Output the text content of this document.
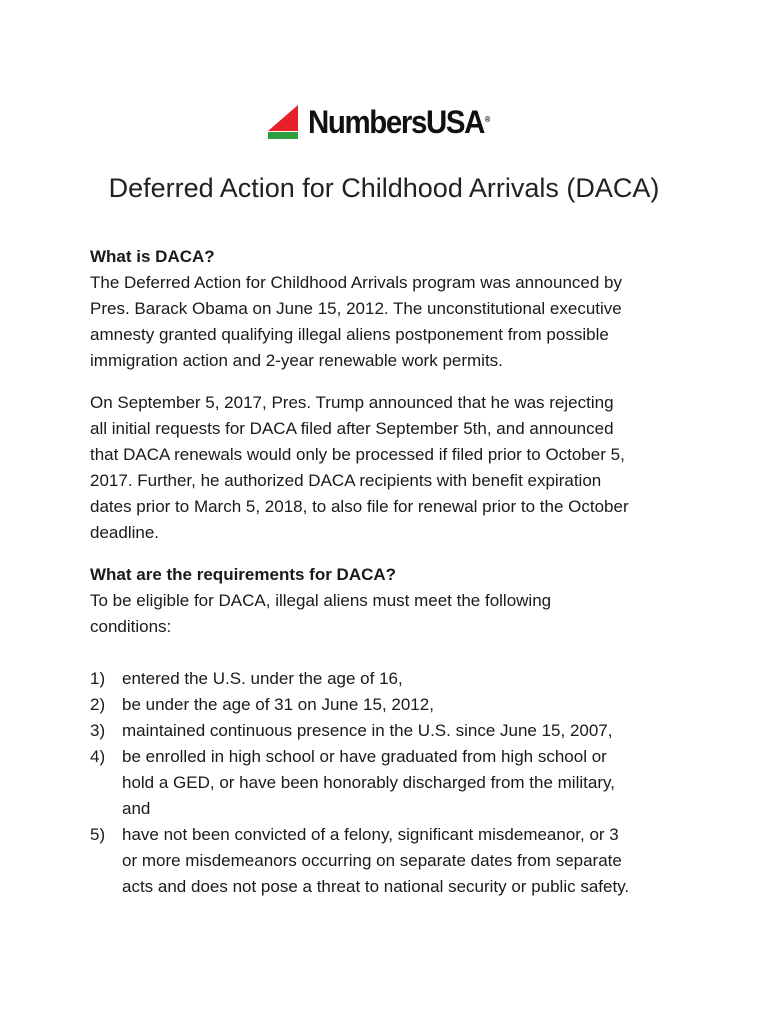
NumbersUSA®
Deferred Action for Childhood Arrivals (DACA)
What is DACA?

The Deferred Action for Childhood Arrivals program was announced by
Pres. Barack Obama on June 15, 2012. The unconstitutional executive
amnesty granted qualifying illegal aliens postponement from possible
immigration action and 2-year renewable work permits.

On September 5, 2017, Pres. Trump announced that he was rejecting
all initial requests for DACA filed after September 5th, and announced
that DACA renewals would only be processed if filed prior to October 5,
2017. Further, he authorized DACA recipients with benefit expiration
dates prior to March 5, 2018, to also file for renewal prior to the October
deadline.

What are the requirements for DACA?

To be eligible for DACA, illegal aliens must meet the following
conditions:

1) entered the U.S. under the age of 16,
2) be under the age of 31 on June 15, 2012,
3) maintained continuous presence in the U.S. since June 15, 2007,
4) be enrolled in high school or have graduated from high school or
hold a GED, or have been honorably discharged from the military,
and
5) have not been convicted of a felony, significant misdemeanor, or 3
or more misdemeanors occurring on separate dates from separate
acts and does not pose a threat to national security or public safety.
